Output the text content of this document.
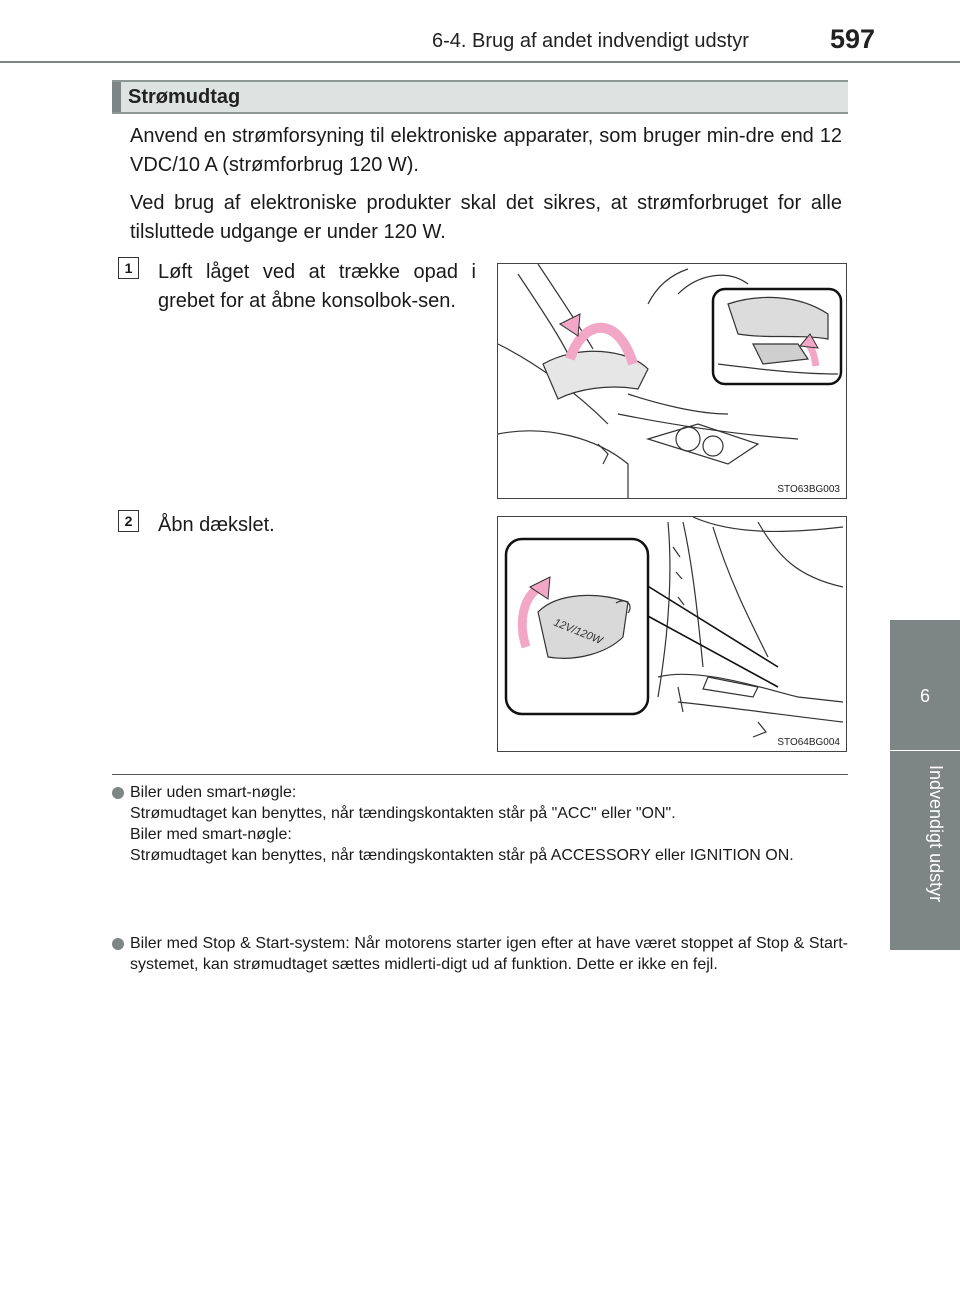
6-4. Brug af andet indvendigt udstyr	597
6
Indvendigt udstyr
Strømudtag
Anvend en strømforsyning til elektroniske apparater, som bruger min-dre end 12 VDC/10 A (strømforbrug 120 W).
Ved brug af elektroniske produkter skal det sikres, at strømforbruget for alle tilsluttede udgange er under 120 W.
1	Løft låget ved at trække opad i grebet for at åbne konsolbok-sen.
STO63BG003
2	Åbn dækslet.
12V/120W
STO64BG004
Biler uden smart-nøgle:
Strømudtaget kan benyttes, når tændingskontakten står på "ACC" eller "ON".
Biler med smart-nøgle:
Strømudtaget kan benyttes, når tændingskontakten står på ACCESSORY eller IGNITION ON.
Biler med Stop & Start-system: Når motorens starter igen efter at have været stoppet af Stop & Start-systemet, kan strømudtaget sættes midlerti-digt ud af funktion. Dette er ikke en fejl.
